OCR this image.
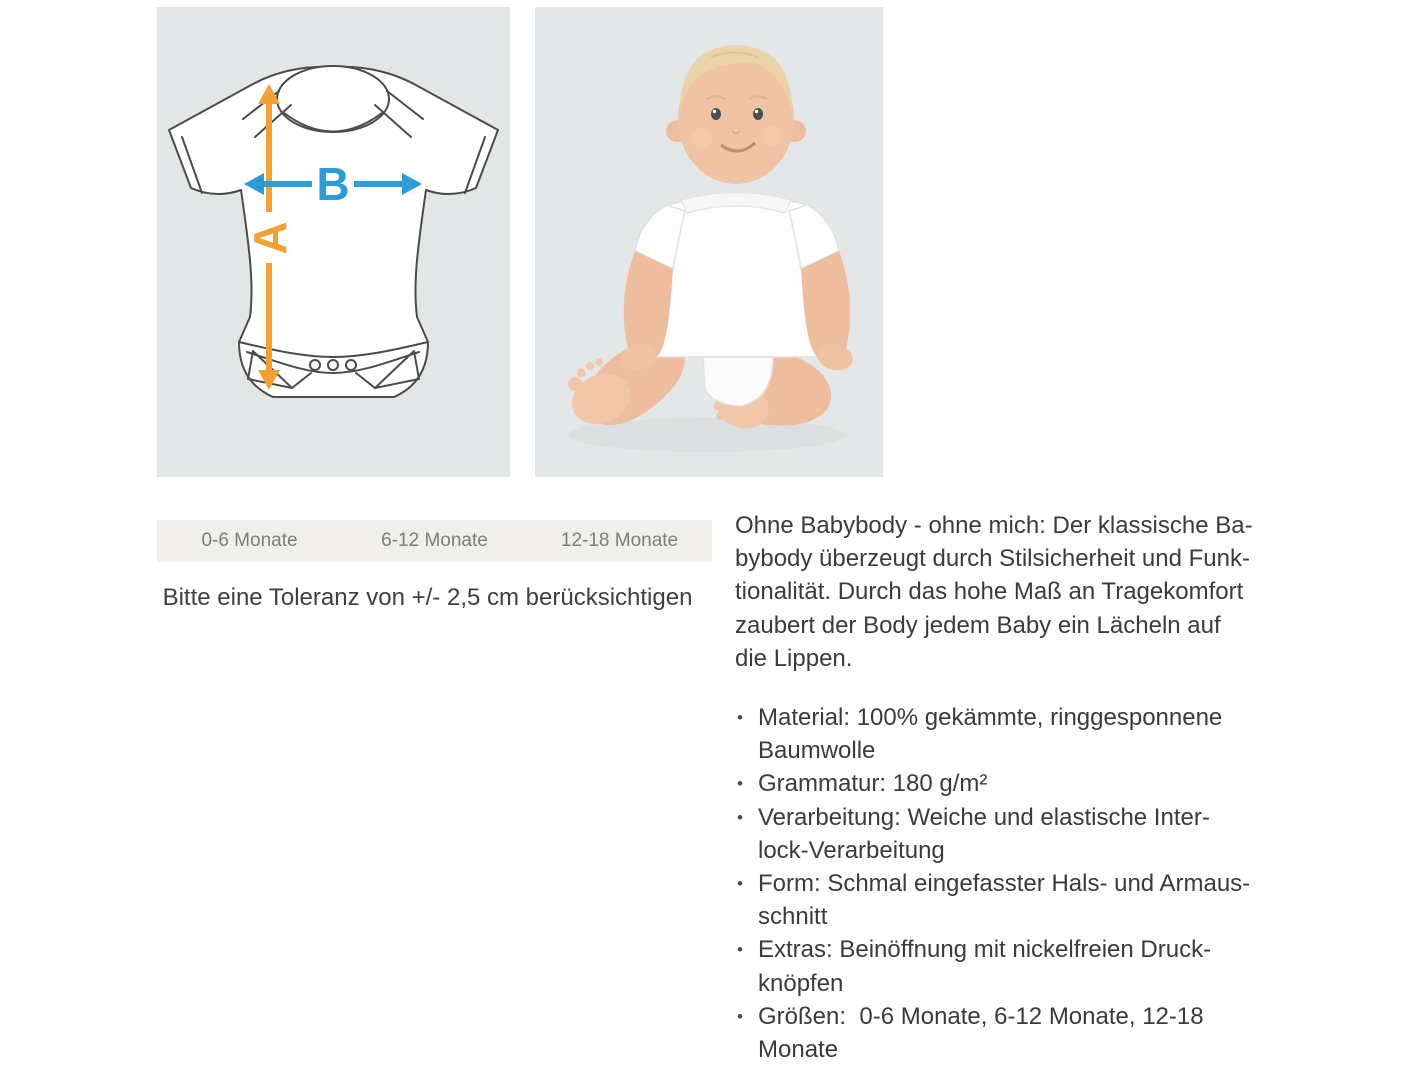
A
B
0-6 Monate	6-12 Monate	12-18 Monate
Bitte eine Toleranz von +/- 2,5 cm berücksichtigen
Ohne Babybody - ohne mich: Der klassische Ba-
bybody überzeugt durch Stilsicherheit und Funk-
tionalität. Durch das hohe Maß an Tragekomfort
zaubert der Body jedem Baby ein Lächeln auf
die Lippen.
• Material: 100% gekämmte, ringgesponnene
Baumwolle
• Grammatur: 180 g/m²
• Verarbeitung: Weiche und elastische Inter-
lock-Verarbeitung
• Form: Schmal eingefasster Hals- und Armaus-
schnitt
• Extras: Beinöffnung mit nickelfreien Druck-
knöpfen
• Größen:  0-6 Monate, 6-12 Monate, 12-18
Monate
